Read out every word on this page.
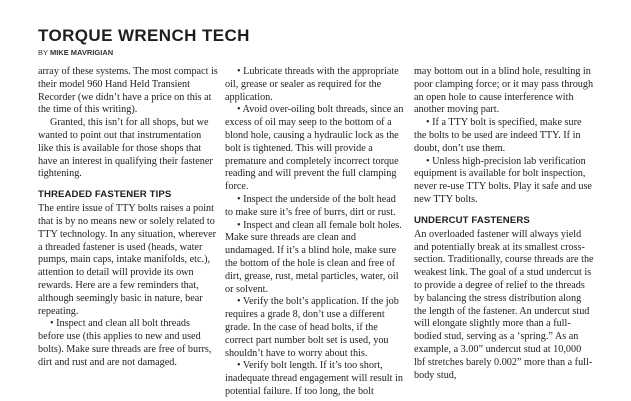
TORQUE WRENCH TECH
BY MIKE MAVRIGIAN

array of these systems. The most compact is their model 960 Hand Held Transient Recorder (we didn’t have a price on this at the time of this writing).

Granted, this isn’t for all shops, but we wanted to point out that instrumentation like this is available for those shops that have an interest in qualifying their fastener tightening.

THREADED FASTENER TIPS

The entire issue of TTY bolts raises a point that is by no means new or solely related to TTY technology. In any situation, wherever a threaded fastener is used (heads, water pumps, main caps, intake manifolds, etc.), attention to detail will provide its own rewards. Here are a few reminders that, although seemingly basic in nature, bear repeating.

• Inspect and clean all bolt threads before use (this applies to new and used bolts). Make sure threads are free of burrs, dirt and rust and are not damaged.

• Lubricate threads with the appropriate oil, grease or sealer as required for the application.

• Avoid over-oiling bolt threads, since an excess of oil may seep to the bottom of a blond hole, causing a hydraulic lock as the bolt is tightened. This will provide a premature and completely incorrect torque reading and will prevent the full clamping force.

• Inspect the underside of the bolt head to make sure it’s free of burrs, dirt or rust.

• Inspect and clean all female bolt holes. Make sure threads are clean and undamaged. If it’s a blind hole, make sure the bottom of the hole is clean and free of dirt, grease, rust, metal particles, water, oil or solvent.

• Verify the bolt’s application. If the job requires a grade 8, don’t use a different grade. In the case of head bolts, if the correct part number bolt set is used, you shouldn’t have to worry about this.

• Verify bolt length. If it’s too short, inadequate thread engagement will result in potential failure. If too long, the bolt

may bottom out in a blind hole, resulting in poor clamping force; or it may pass through an open hole to cause interference with another moving part.

• If a TTY bolt is specified, make sure the bolts to be used are indeed TTY. If in doubt, don’t use them.

• Unless high-precision lab verification equipment is available for bolt inspection, never re-use TTY bolts. Play it safe and use new TTY bolts.

UNDERCUT FASTENERS

An overloaded fastener will always yield and potentially break at its smallest cross-section. Traditionally, course threads are the weakest link. The goal of a stud undercut is to provide a degree of relief to the threads by balancing the stress distribution along the length of the fastener. An undercut stud will elongate slightly more than a full-bodied stud, serving as a ‘spring.” As an example, a 3.00” undercut stud at 10,000 lbf stretches barely 0.002” more than a full-body stud,
